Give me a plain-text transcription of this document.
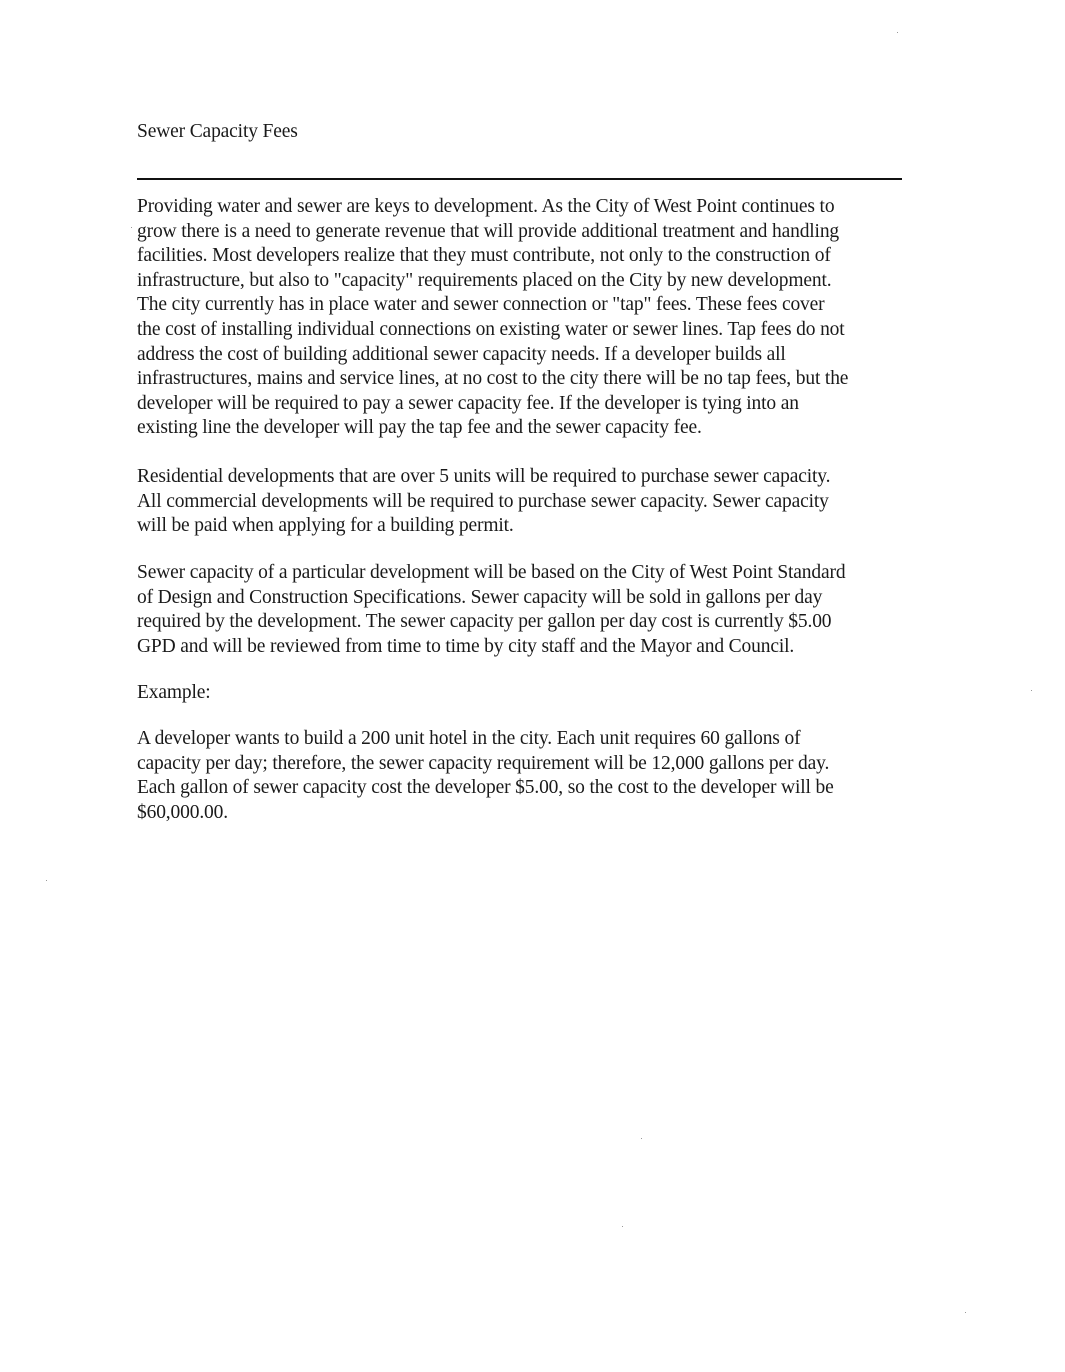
Sewer Capacity Fees

Providing water and sewer are keys to development. As the City of West Point continues to
grow there is a need to generate revenue that will provide additional treatment and handling
facilities. Most developers realize that they must contribute, not only to the construction of
infrastructure, but also to "capacity" requirements placed on the City by new development.
The city currently has in place water and sewer connection or "tap" fees. These fees cover
the cost of installing individual connections on existing water or sewer lines. Tap fees do not
address the cost of building additional sewer capacity needs. If a developer builds all
infrastructures, mains and service lines, at no cost to the city there will be no tap fees, but the
developer will be required to pay a sewer capacity fee. If the developer is tying into an
existing line the developer will pay the tap fee and the sewer capacity fee.

Residential developments that are over 5 units will be required to purchase sewer capacity.
All commercial developments will be required to purchase sewer capacity. Sewer capacity
will be paid when applying for a building permit.

Sewer capacity of a particular development will be based on the City of West Point Standard
of Design and Construction Specifications. Sewer capacity will be sold in gallons per day
required by the development. The sewer capacity per gallon per day cost is currently $5.00
GPD and will be reviewed from time to time by city staff and the Mayor and Council.

Example:

A developer wants to build a 200 unit hotel in the city. Each unit requires 60 gallons of
capacity per day; therefore, the sewer capacity requirement will be 12,000 gallons per day.
Each gallon of sewer capacity cost the developer $5.00, so the cost to the developer will be
$60,000.00.
